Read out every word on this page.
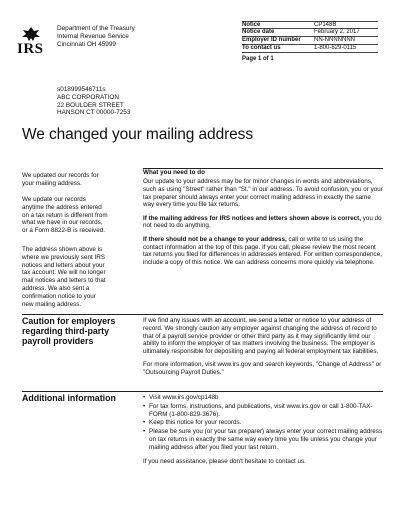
IRS
Department of the Treasury
Internal Revenue Service
Cincinnati OH 45999
Notice	CP148B
Notice date	February 2, 2017
Employer ID number	NN-NNNNNNN
To contact us	1-800-829-0115
Page 1 of 1
s018999546711s
ABC CORPORATION
22 BOULDER STREET
HANSON CT 00000-7253
We changed your mailing address
We updated our records for
your mailing address.
We update our records
anytime the address entered
on a tax return is different from
what we have in our records,
or a Form 8822-B is received.
The address shown above is
where we previously sent IRS
notices and letters about your
tax account. We will no longer
mail notices and letters to that
address. We also sent a
confirmation notice to your
new mailing address.
What you need to do

Our update to your address may be for minor changes in words and abbreviations, such as using "Street" rather than "St." in our address. To avoid confusion, you or your tax preparer should always enter your correct mailing address in exactly the same way every time you file tax returns.

If the mailing address for IRS notices and letters shown above is correct, you do not need to do anything.

If there should not be a change to your address, call or write to us using the contact information at the top of this page. If you call, please review the most recent tax returns you filed for differences in addresses entered. For written correspondence, include a copy of this notice. We can address concerns more quickly via telephone.

Caution for employers regarding third-party payroll providers

If we find any issues with an account, we send a letter or notice to your address of record. We strongly caution any employer against changing the address of record to that of a payroll service provider or other third party as it may significantly limit our ability to inform the employer of tax matters involving the business. The employer is ultimately responsible for depositing and paying all federal employment tax liabilities.

For more information, visit www.irs.gov and search keywords, "Change of Address" or "Outsourcing Payroll Duties."

Additional information
•	Visit www.irs.gov/cp148b
• For tax forms, instructions, and publications, visit www.irs.gov or call 1-800-TAX-FORM (1-800-829-3676).
• Keep this notice for your records.
• Please be sure you (or your tax preparer) always enter your correct mailing address on tax returns in exactly the same way every time you file unless you change your mailing address after you filed your last return.

If you need assistance, please don't hesitate to contact us.
